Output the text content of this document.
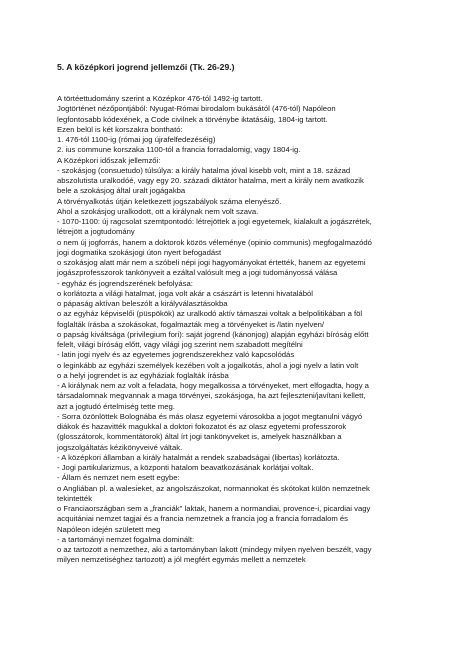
5. A középkori jogrend jellemzői (Tk. 26-29.)
A törtéettudomány szerint a Középkor 476-tól 1492-ig tartott.
Jogtörténet nézőpontjából: Nyugat-Római birodalom bukásától (476-tól) Napóleon
legfontosabb kódexének, a Code civilnek a törvénybe iktatásáig, 1804-ig tartott.
Ezen belül is két korszakra bontható:
1. 476-tól 1100-ig (római jog újrafelfedezéséig)
2. ius commune korszaka 1100-tól a francia forradalomig, vagy 1804-ig.
A Középkori időszak jellemzői:
- szokásjog (consuetudo) túlsúlya: a király hatalma jóval kisebb volt, mint a 18. század
abszolutista uralkodóé, vagy egy 20. századi diktátor hatalma, mert a király nem avatkozik
bele a szokásjog által uralt jogágakba
A törvényalkotás útján keletkezett jogszabályok száma elenyésző.
Ahol a szokásjog uralkodott, ott a királynak nem volt szava.
- 1070-1100: új ragcsolat szemtpontodó: létrejöttek a jogi egyetemek, kialakult a jogászrétek,
létrejött a jogtudomány
o nem új jogforrás, hanem a doktorok közös véleménye (opinio communis) megfogalmazódó
jogi dogmatika szokásjogi úton nyert befogadást
o szokásjog alatt már nem a szóbeli népi jogi hagyományokat értették, hanem az egyetemi
jogászprofesszorok tankönyveit a ezáltal valósult meg a jogi tudományossá válása
- egyház és jogrendszerének befolyása:
o korlátozta a világi hatalmat, joga volt akár a császárt is letenni hivatalából
o pápaság aktívan beleszólt a királyválasztásokba
o az egyház képviselői (püspökök) az uralkodó aktív támaszai voltak a belpolitikában a föl
foglalták írásba a szokásokat, fogalmazták meg a törvényeket is /latin nyelven/
o papság kiváltsága (privilegium fori): saját jogrend (kánonjog) alapján egyházi bíróság előtt
felelt, világi bíróság előtt, vagy világi jog szerint nem szabadott megítélni
- latin jogi nyelv és az egyetemes jogrendszerekhez való kapcsolódás
o leginkább az egyházi személyek kezében volt a jogalkotás, ahol a jogi nyelv a latin volt
o a helyi jogrendet is az egyháziak foglalták írásba
- A királynak nem az volt a feladata, hogy megalkossa a törvényeket, mert elfogadta, hogy a
társadalomnak megvannak a maga törvényei, szokásjoga, ha azt fejleszteni/javítani kellett,
azt a jogtudó értelmiség tette meg.
- Sorra özönlöttek Bolognába és más olasz egyetemi városokba a jogot megtanulni vágyó
diákok és hazavitték magukkal a doktori fokozatot és az olasz egyetemi professzorok
(glosszátorok, kommentátorok) által írt jogi tankönyveket is, amelyek használkban a
jogszolgáltatás kézikönyveivé váltak.
- A középkori államban a király hatalmát a rendek szabadságai (libertas) korlátozta.
- Jogi partikularizmus, a központi hatalom beavatkozásának korlátjai voltak.
- Állam és nemzet nem esett egybe:
o Angliában pl. a walesieket, az angolszászokat, normannokat és skótokat külön nemzetnek
tekintették
o Franciaországban sem a „franciák" laktak, hanem a normandiai, provence-i, picardiai vagy
acquitániai nemzet tagjai és a francia nemzetnek a francia jog a francia forradalom és
Napóleon idején született meg
- a tartományi nemzet fogalma dominált:
o az tartozott a nemzethez, aki a tartományban lakott (mindegy milyen nyelven beszélt, vagy
milyen nemzetiséghez tartozott) a jól megfért egymás mellett a nemzetek
